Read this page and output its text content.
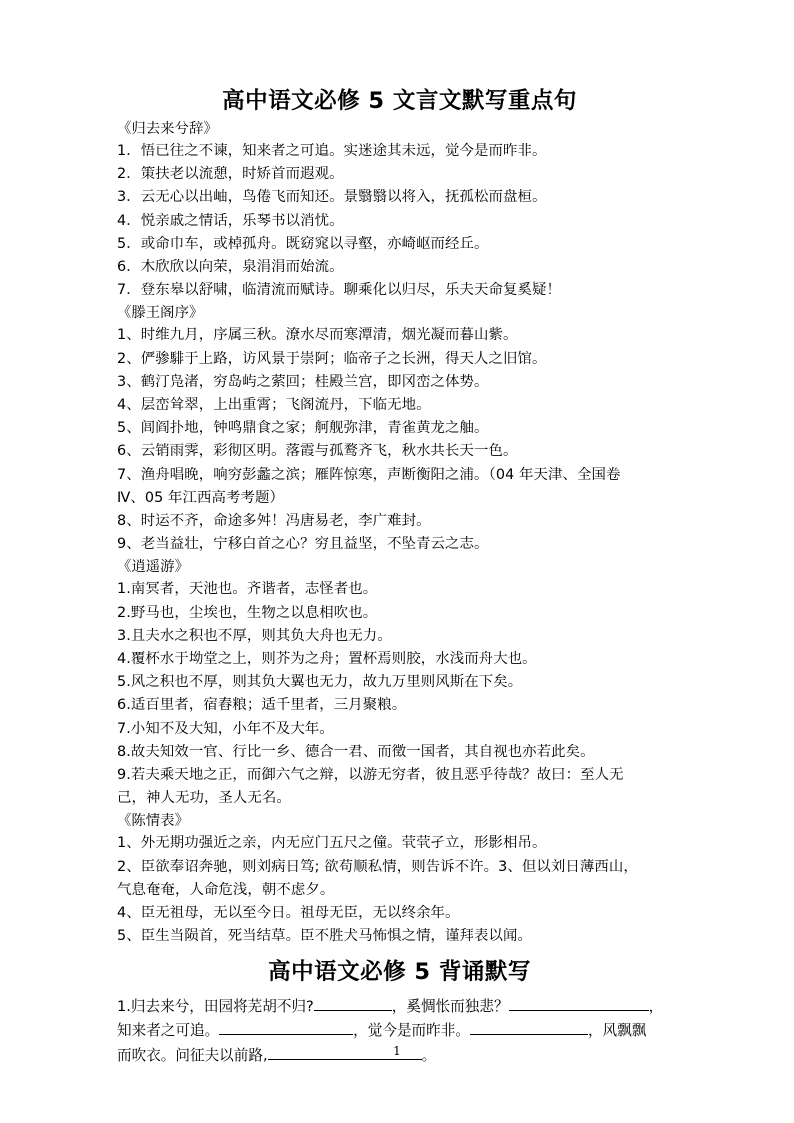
高中语文必修 5 文言文默写重点句
《归去来兮辞》
1．悟已往之不谏，知来者之可追。实迷途其未远，觉今是而昨非。
2．策扶老以流憩，时矫首而遐观。
3．云无心以出岫，鸟倦飞而知还。景翳翳以将入，抚孤松而盘桓。
4．悦亲戚之情话，乐琴书以消忧。
5．或命巾车，或棹孤舟。既窈窕以寻壑，亦崎岖而经丘。
6．木欣欣以向荣，泉涓涓而始流。
7．登东皋以舒啸，临清流而赋诗。聊乘化以归尽，乐夫天命复奚疑！
《滕王阁序》
1、时维九月，序属三秋。潦水尽而寒潭清，烟光凝而暮山紫。
2、俨骖騑于上路，访风景于崇阿；临帝子之长洲，得天人之旧馆。
3、鹤汀凫渚，穷岛屿之萦回；桂殿兰宫，即冈峦之体势。
4、层峦耸翠，上出重霄；飞阁流丹，下临无地。
5、闾阎扑地，钟鸣鼎食之家；舸舰弥津，青雀黄龙之舳。
6、云销雨霁，彩彻区明。落霞与孤鹜齐飞，秋水共长天一色。
7、渔舟唱晚，响穷彭蠡之滨；雁阵惊寒，声断衡阳之浦。（04 年天津、全国卷
Ⅳ、05 年江西高考考题）
8、时运不齐，命途多舛！冯唐易老，李广难封。
9、老当益壮，宁移白首之心？穷且益坚，不坠青云之志。
《逍遥游》
1.南冥者，天池也。齐谐者，志怪者也。
2.野马也，尘埃也，生物之以息相吹也。
3.且夫水之积也不厚，则其负大舟也无力。
4.覆杯水于坳堂之上，则芥为之舟；置杯焉则胶，水浅而舟大也。
5.风之积也不厚，则其负大翼也无力，故九万里则风斯在下矣。
6.适百里者，宿舂粮；适千里者，三月聚粮。
7.小知不及大知，小年不及大年。
8.故夫知效一官、行比一乡、德合一君、而徵一国者，其自视也亦若此矣。
9.若夫乘天地之正，而御六气之辩，以游无穷者，彼且恶乎待哉？故曰：至人无
己，神人无功，圣人无名。
《陈情表》
1、外无期功强近之亲，内无应门五尺之僮。茕茕孑立，形影相吊。
2、臣欲奉诏奔驰，则刘病日笃; 欲苟顺私情，则告诉不许。3、但以刘日薄西山，
气息奄奄，人命危浅，朝不虑夕。
4、臣无祖母，无以至今日。祖母无臣，无以终余年。
5、臣生当陨首，死当结草。臣不胜犬马怖惧之情，谨拜表以闻。
高中语文必修 5 背诵默写
1.归去来兮，田园将芜胡不归?	，奚惆怅而独悲？	，
知来者之可追。	，觉今是而昨非。	，风飘飘
而吹衣。问征夫以前路,	。
1
